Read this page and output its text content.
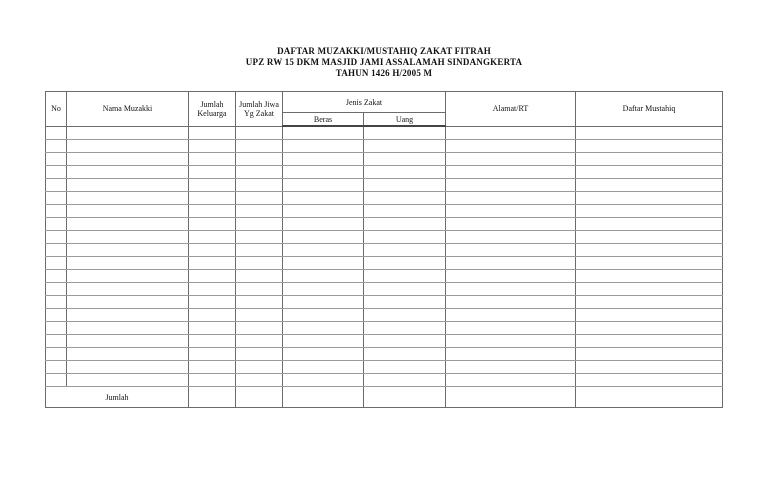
DAFTAR MUZAKKI/MUSTAHIQ ZAKAT FITRAH
UPZ RW 15 DKM MASJID JAMI ASSALAMAH SINDANGKERTA
TAHUN 1426 H/2005 M
No	Nama Muzakki	Jumlah Keluarga	Jumlah Jiwa Yg Zakat	Jenis Zakat		Alamat/RT	Daftar Mustahiq
				Beras	Uang		

Jumlah							
